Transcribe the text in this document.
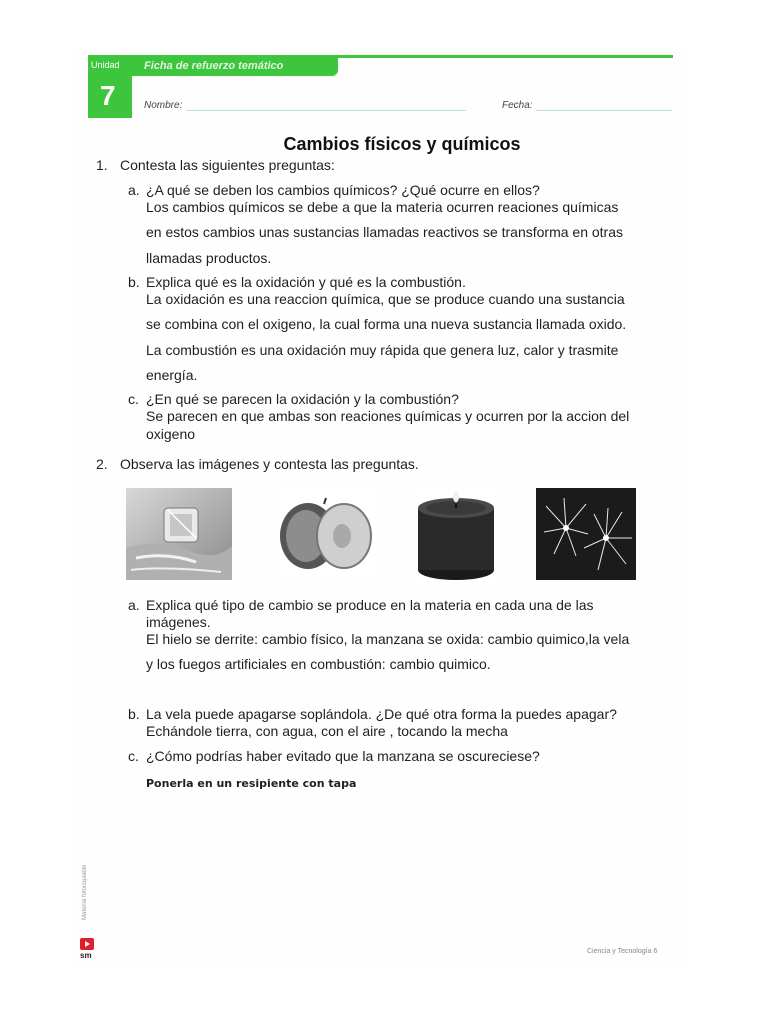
Unidad
7
Ficha de refuerzo temático
Nombre:	Fecha:
Cambios físicos y químicos
1. Contesta las siguientes preguntas:
a. ¿A qué se deben los cambios químicos? ¿Qué ocurre en ellos?
Los cambios químicos se debe a que la materia ocurren reaciones químicas
en estos cambios unas sustancias llamadas reactivos se transforma en otras
llamadas productos.
b. Explica qué es la oxidación y qué es la combustión.
La oxidación es una reaccion química, que se produce cuando una sustancia
se combina con el oxigeno, la cual forma una nueva sustancia llamada oxido.
La combustión es una oxidación muy rápida que genera luz, calor y trasmite
energía.
c. ¿En qué se parecen la oxidación y la combustión?
Se parecen en que ambas son reaciones químicas y ocurren por la accion del
oxigeno
2. Observa las imágenes y contesta las preguntas.
a. Explica qué tipo de cambio se produce en la materia en cada una de las
imágenes.
El hielo se derrite: cambio físico, la manzana se oxida: cambio quimico,la vela
y los fuegos artificiales en combustión: cambio quimico.
b. La vela puede apagarse soplándola. ¿De qué otra forma la puedes apagar?
Echándole tierra, con agua, con el aire , tocando la mecha
c. ¿Cómo podrías haber evitado que la manzana se oscureciese?
Ponerla en un resipiente con tapa
Material fotocopiable
sm	Ciencia y Tecnología 6
